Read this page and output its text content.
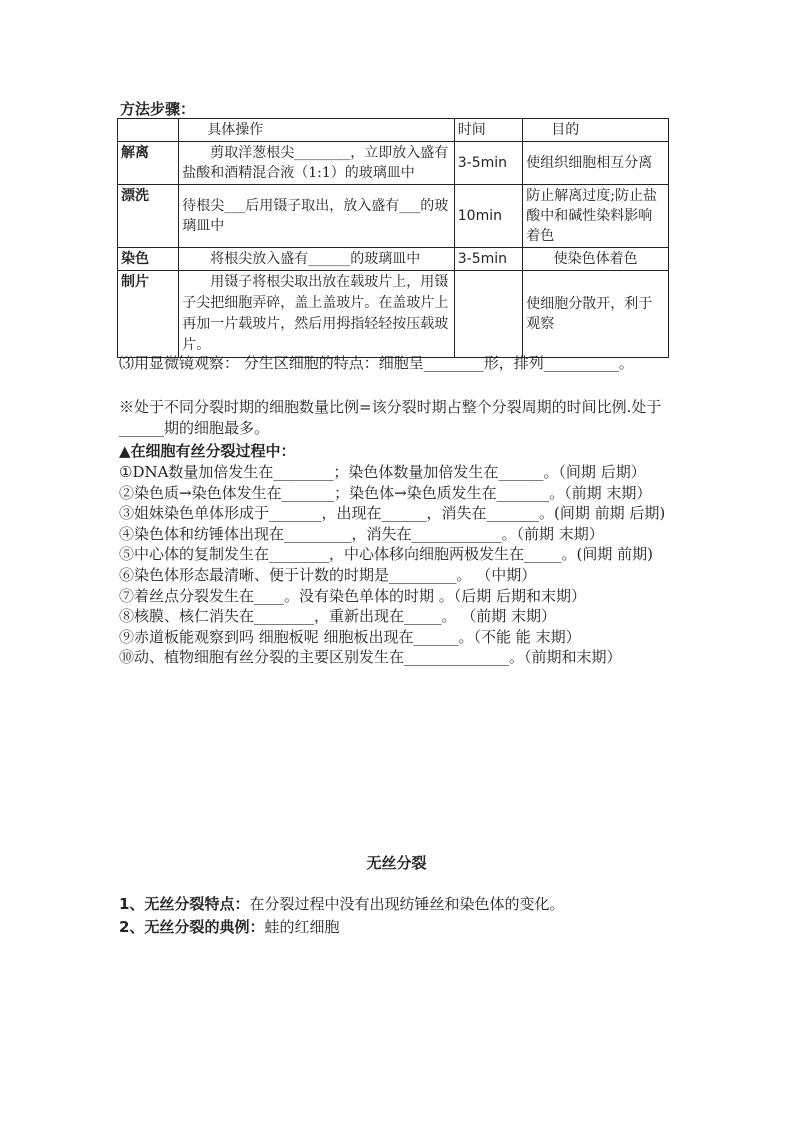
方法步骤：
	具体操作	时间	目的
解离	剪取洋葱根尖________，立即放入盛有盐酸和酒精混合液（1:1）的玻璃皿中	3-5min	使组织细胞相互分离
漂洗	待根尖___后用镊子取出，放入盛有___的玻璃皿中	10min	防止解离过度;防止盐酸中和碱性染料影响着色
染色	将根尖放入盛有______的玻璃皿中	3-5min	使染色体着色
制片	用镊子将根尖取出放在载玻片上，用镊子尖把细胞弄碎，盖上盖玻片。在盖玻片上再加一片载玻片，然后用拇指轻轻按压载玻片。		使细胞分散开，利于观察
⑶用显微镜观察： 分生区细胞的特点：细胞呈________形，排列__________。
※处于不同分裂时期的细胞数量比例=该分裂时期占整个分裂周期的时间比例.处于______期的细胞最多。
▲在细胞有丝分裂过程中：
①DNA数量加倍发生在________；染色体数量加倍发生在______。（间期 后期）
②染色质→染色体发生在_______；染色体→染色质发生在_______。（前期 末期）
③姐妹染色单体形成于_______，出现在______，消失在_______。(间期 前期 后期)
④染色体和纺锤体出现在_________，消失在____________。（前期 末期）
⑤中心体的复制发生在________，中心体移向细胞两极发生在_____。(间期 前期)
⑥染色体形态最清晰、便于计数的时期是_________。 （中期）
⑦着丝点分裂发生在____。没有染色单体的时期 。（后期 后期和末期）
⑧核膜、核仁消失在________，重新出现在_____。 （前期 末期）
⑨赤道板能观察到吗 细胞板呢 细胞板出现在______。（不能 能 末期）
⑩动、植物细胞有丝分裂的主要区别发生在______________。（前期和末期）
无丝分裂
1、无丝分裂特点：在分裂过程中没有出现纺锤丝和染色体的变化。
2、无丝分裂的典例：蛙的红细胞
